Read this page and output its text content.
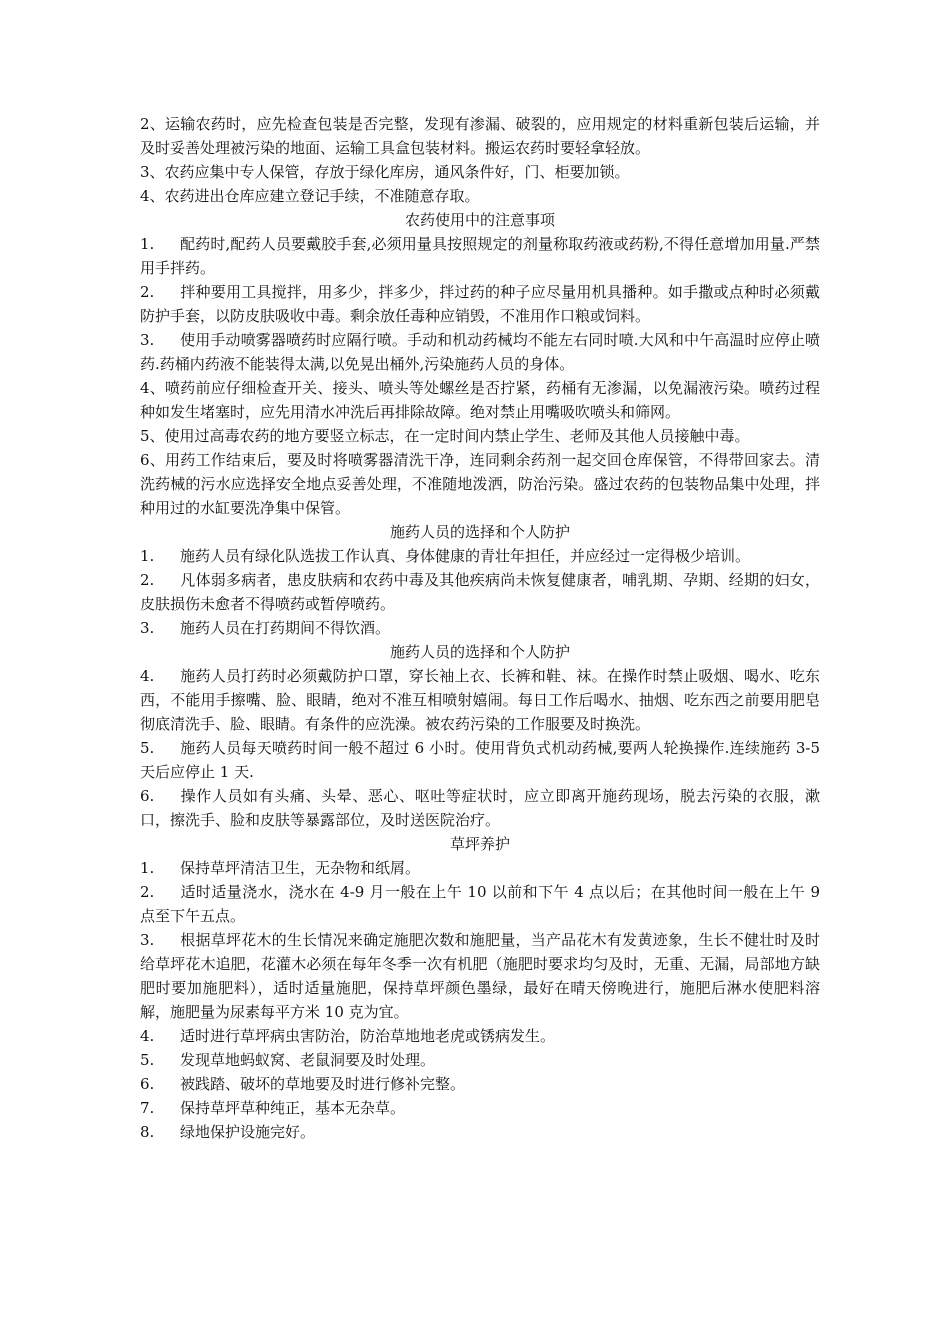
2、运输农药时，应先检查包装是否完整，发现有渗漏、破裂的，应用规定的材料重新包装后运输，并及时妥善处理被污染的地面、运输工具盒包装材料。搬运农药时要轻拿轻放。

3、农药应集中专人保管，存放于绿化库房，通风条件好，门、柜要加锁。

4、农药进出仓库应建立登记手续，不准随意存取。

农药使用中的注意事项

1. 配药时,配药人员要戴胶手套,必须用量具按照规定的剂量称取药液或药粉,不得任意增加用量.严禁用手拌药。

2. 拌种要用工具搅拌，用多少，拌多少，拌过药的种子应尽量用机具播种。如手撒或点种时必须戴防护手套，以防皮肤吸收中毒。剩余放任毒种应销毁，不准用作口粮或饲料。

3. 使用手动喷雾器喷药时应隔行喷。手动和机动药械均不能左右同时喷.大风和中午高温时应停止喷药.药桶内药液不能装得太满,以免晃出桶外,污染施药人员的身体。

4、喷药前应仔细检查开关、接头、喷头等处螺丝是否拧紧，药桶有无渗漏，以免漏液污染。喷药过程种如发生堵塞时，应先用清水冲洗后再排除故障。绝对禁止用嘴吸吹喷头和筛网。

5、使用过高毒农药的地方要竖立标志，在一定时间内禁止学生、老师及其他人员接触中毒。

6、用药工作结束后，要及时将喷雾器清洗干净，连同剩余药剂一起交回仓库保管，不得带回家去。清洗药械的污水应选择安全地点妥善处理，不准随地泼洒，防治污染。盛过农药的包装物品集中处理，拌种用过的水缸要洗净集中保管。

施药人员的选择和个人防护

1. 施药人员有绿化队选拔工作认真、身体健康的青壮年担任，并应经过一定得极少培训。

2. 凡体弱多病者，患皮肤病和农药中毒及其他疾病尚未恢复健康者，哺乳期、孕期、经期的妇女，皮肤损伤未愈者不得喷药或暂停喷药。

3. 施药人员在打药期间不得饮酒。

施药人员的选择和个人防护

4. 施药人员打药时必须戴防护口罩，穿长袖上衣、长裤和鞋、袜。在操作时禁止吸烟、喝水、吃东西，不能用手擦嘴、脸、眼睛，绝对不准互相喷射嬉闹。每日工作后喝水、抽烟、吃东西之前要用肥皂彻底清洗手、脸、眼睛。有条件的应洗澡。被农药污染的工作服要及时换洗。

5. 施药人员每天喷药时间一般不超过 6 小时。使用背负式机动药械,要两人轮换操作.连续施药 3-5 天后应停止 1 天.

6. 操作人员如有头痛、头晕、恶心、呕吐等症状时，应立即离开施药现场，脱去污染的衣服，漱口，擦洗手、脸和皮肤等暴露部位，及时送医院治疗。

草坪养护

1. 保持草坪清洁卫生，无杂物和纸屑。

2. 适时适量浇水，浇水在 4-9 月一般在上午 10 以前和下午 4 点以后；在其他时间一般在上午 9 点至下午五点。

3. 根据草坪花木的生长情况来确定施肥次数和施肥量，当产品花木有发黄迹象，生长不健壮时及时给草坪花木追肥，花灌木必须在每年冬季一次有机肥（施肥时要求均匀及时，无重、无漏，局部地方缺肥时要加施肥料），适时适量施肥，保持草坪颜色墨绿，最好在晴天傍晚进行，施肥后淋水使肥料溶解，施肥量为尿素每平方米 10 克为宜。

4. 适时进行草坪病虫害防治，防治草地地老虎或锈病发生。

5. 发现草地蚂蚁窝、老鼠洞要及时处理。

6. 被践踏、破坏的草地要及时进行修补完整。

7. 保持草坪草种纯正，基本无杂草。

8. 绿地保护设施完好。
